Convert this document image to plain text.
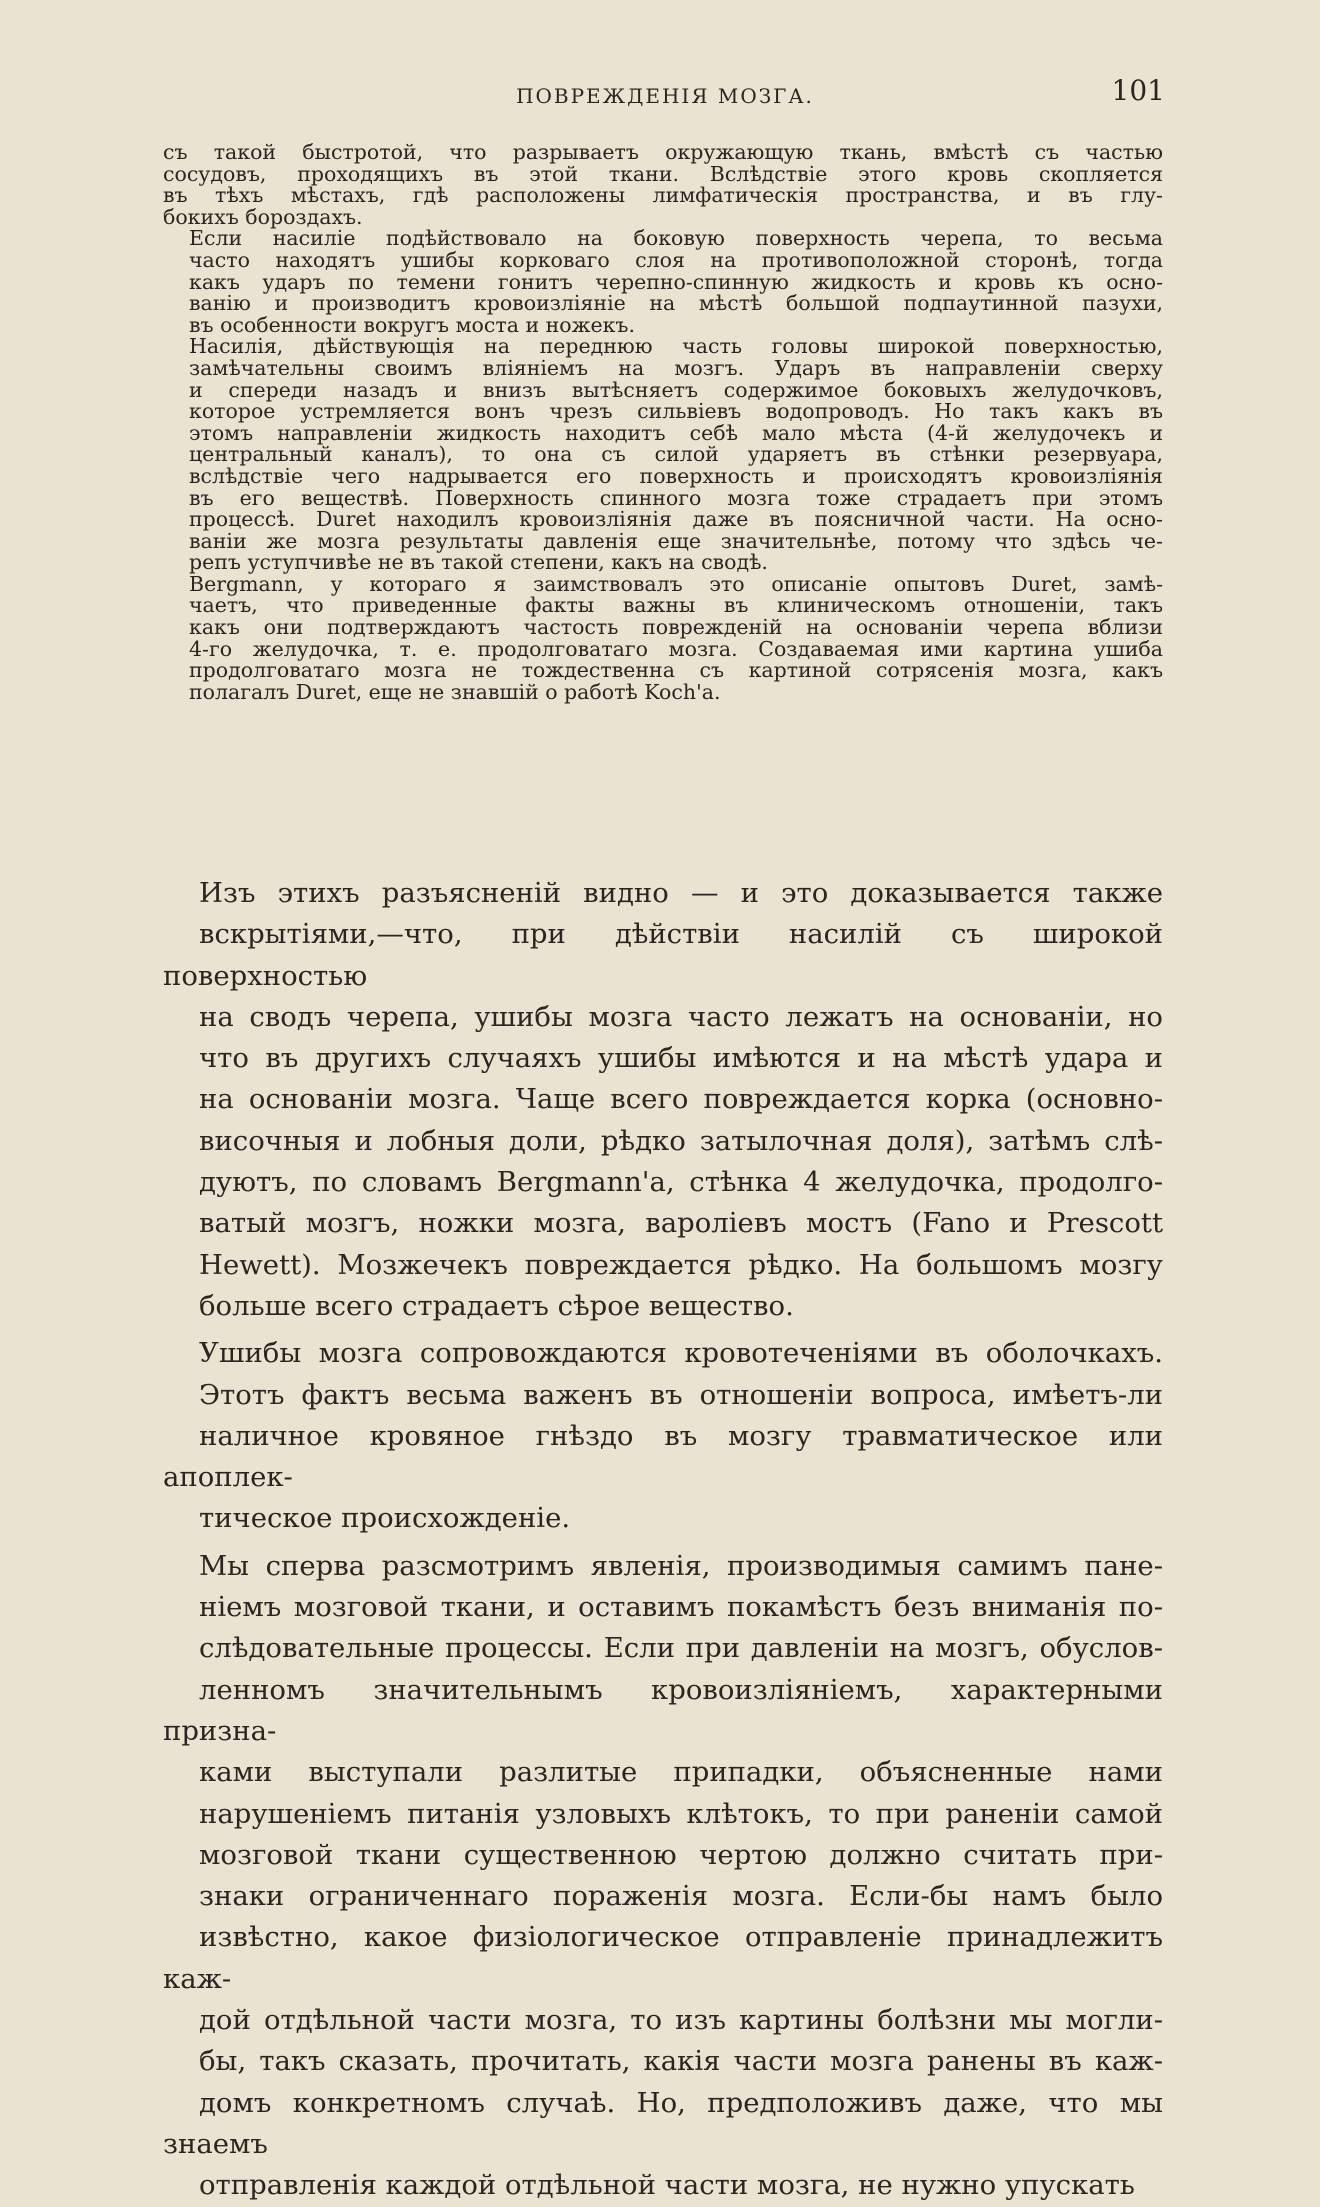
ПОВРЕЖДЕНІЯ МОЗГА.	101

съ такой быстротой, что разрываетъ окружающую ткань, вмѣстѣ съ частью
сосудовъ, проходящихъ въ этой ткани. Вслѣдствіе этого кровь скопляется
въ тѣхъ мѣстахъ, гдѣ расположены лимфатическія пространства, и въ глу-
бокихъ бороздахъ.

Если насиліе подѣйствовало на боковую поверхность черепа, то весьма
часто находятъ ушибы корковаго слоя на противоположной сторонѣ, тогда
какъ ударъ по темени гонитъ черепно-спинную жидкость и кровь къ осно-
ванію и производитъ кровоизліяніе на мѣстѣ большой подпаутинной пазухи,
въ особенности вокругъ моста и ножекъ.

Насилія, дѣйствующія на переднюю часть головы широкой поверхностью,
замѣчательны своимъ вліяніемъ на мозгъ. Ударъ въ направленіи сверху
и спереди назадъ и внизъ вытѣсняетъ содержимое боковыхъ желудочковъ,
которое устремляется вонъ чрезъ сильвіевъ водопроводъ. Но такъ какъ въ
этомъ направленіи жидкость находитъ себѣ мало мѣста (4-й желудочекъ и
центральный каналъ), то она съ силой ударяетъ въ стѣнки резервуара,
вслѣдствіе чего надрывается его поверхность и происходятъ кровоизліянія
въ его веществѣ. Поверхность спинного мозга тоже страдаетъ при этомъ
процессѣ. Duret находилъ кровоизліянія даже въ поясничной части. На осно-
ваніи же мозга результаты давленія еще значительнѣе, потому что здѣсь че-
репъ уступчивѣе не въ такой степени, какъ на сводѣ.

Bergmann, у котораго я заимствовалъ это описаніе опытовъ Duret, замѣ-
чаетъ, что приведенные факты важны въ клиническомъ отношеніи, такъ
какъ они подтверждаютъ частость поврежденій на основаніи черепа вблизи
4-го желудочка, т. е. продолговатаго мозга. Создаваемая ими картина ушиба
продолговатаго мозга не тождественна съ картиной сотрясенія мозга, какъ
полагалъ Duret, еще не знавшій о работѣ Koch'а.

Изъ этихъ разъясненій видно — и это доказывается также
вскрытіями,—что, при дѣйствіи насилій съ широкой поверхностью
на сводъ черепа, ушибы мозга часто лежатъ на основаніи, но
что въ другихъ случаяхъ ушибы имѣются и на мѣстѣ удара и
на основаніи мозга. Чаще всего повреждается корка (основно-
височныя и лобныя доли, рѣдко затылочная доля), затѣмъ слѣ-
дуютъ, по словамъ Bergmann'а, стѣнка 4 желудочка, продолго-
ватый мозгъ, ножки мозга, вароліевъ мостъ (Fano и Prescott
Hewett). Мозжечекъ повреждается рѣдко. На большомъ мозгу
больше всего страдаетъ сѣрое вещество.

Ушибы мозга сопровождаются кровотеченіями въ оболочкахъ.
Этотъ фактъ весьма важенъ въ отношеніи вопроса, имѣетъ-ли
наличное кровяное гнѣздо въ мозгу травматическое или апоплек-
тическое происхожденіе.

Мы сперва разсмотримъ явленія, производимыя самимъ пане-
ніемъ мозговой ткани, и оставимъ покамѣстъ безъ вниманія по-
слѣдовательные процессы. Если при давленіи на мозгъ, обуслов-
ленномъ значительнымъ кровоизліяніемъ, характерными призна-
ками выступали разлитые припадки, объясненные нами
нарушеніемъ питанія узловыхъ клѣтокъ, то при раненіи самой
мозговой ткани существенною чертою должно считать при-
знаки ограниченнаго пораженія мозга. Если-бы намъ было
извѣстно, какое физіологическое отправленіе принадлежитъ каж-
дой отдѣльной части мозга, то изъ картины болѣзни мы могли-
бы, такъ сказать, прочитать, какія части мозга ранены въ каж-
домъ конкретномъ случаѣ. Но, предположивъ даже, что мы знаемъ
отправленія каждой отдѣльной части мозга, не нужно упускать
